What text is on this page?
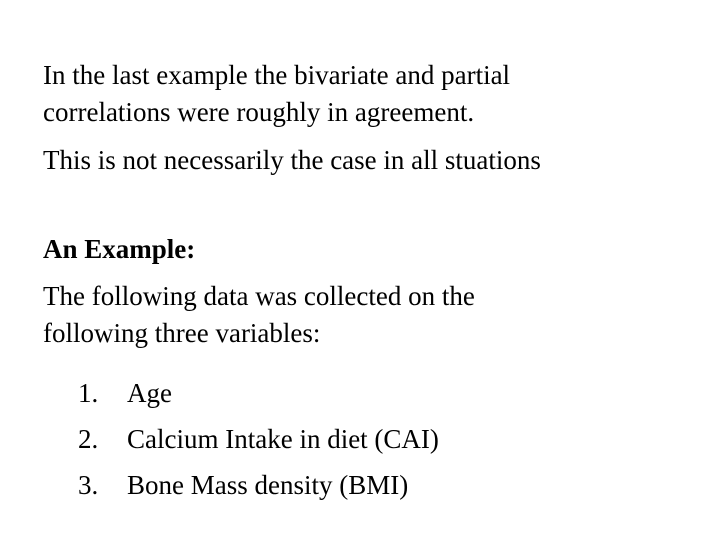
In the last example the bivariate and partial
correlations were roughly in agreement.

This is not necessarily the case in all stuations

An Example:

The following data was collected on the
following three variables:

1.	Age
2.	Calcium Intake in diet (CAI)
3.	Bone Mass density (BMI)
